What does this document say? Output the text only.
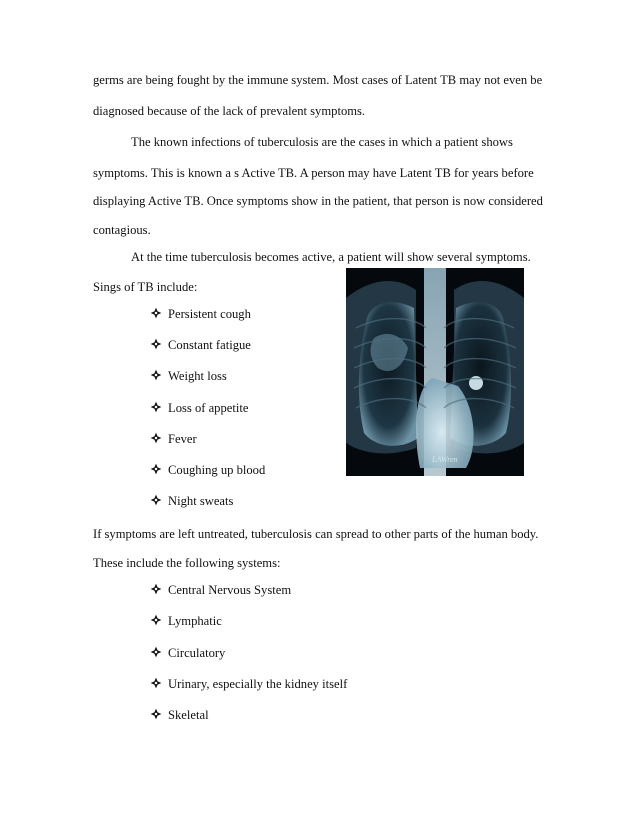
germs are being fought by the immune system. Most cases of Latent TB may not even be
diagnosed because of the lack of prevalent symptoms.
The known infections of tuberculosis are the cases in which a patient shows
symptoms. This is known a s Active TB. A person may have Latent TB for years before
displaying Active TB. Once symptoms show in the patient, that person is now considered
contagious.
At the time tuberculosis becomes active, a patient will show several symptoms.
Sings of TB include:
LAWren
Persistent cough
Constant fatigue
Weight loss
Loss of appetite
Fever
Coughing up blood
Night sweats
If symptoms are left untreated, tuberculosis can spread to other parts of the human body.
These include the following systems:
Central Nervous System
Lymphatic
Circulatory
Urinary, especially the kidney itself
Skeletal
